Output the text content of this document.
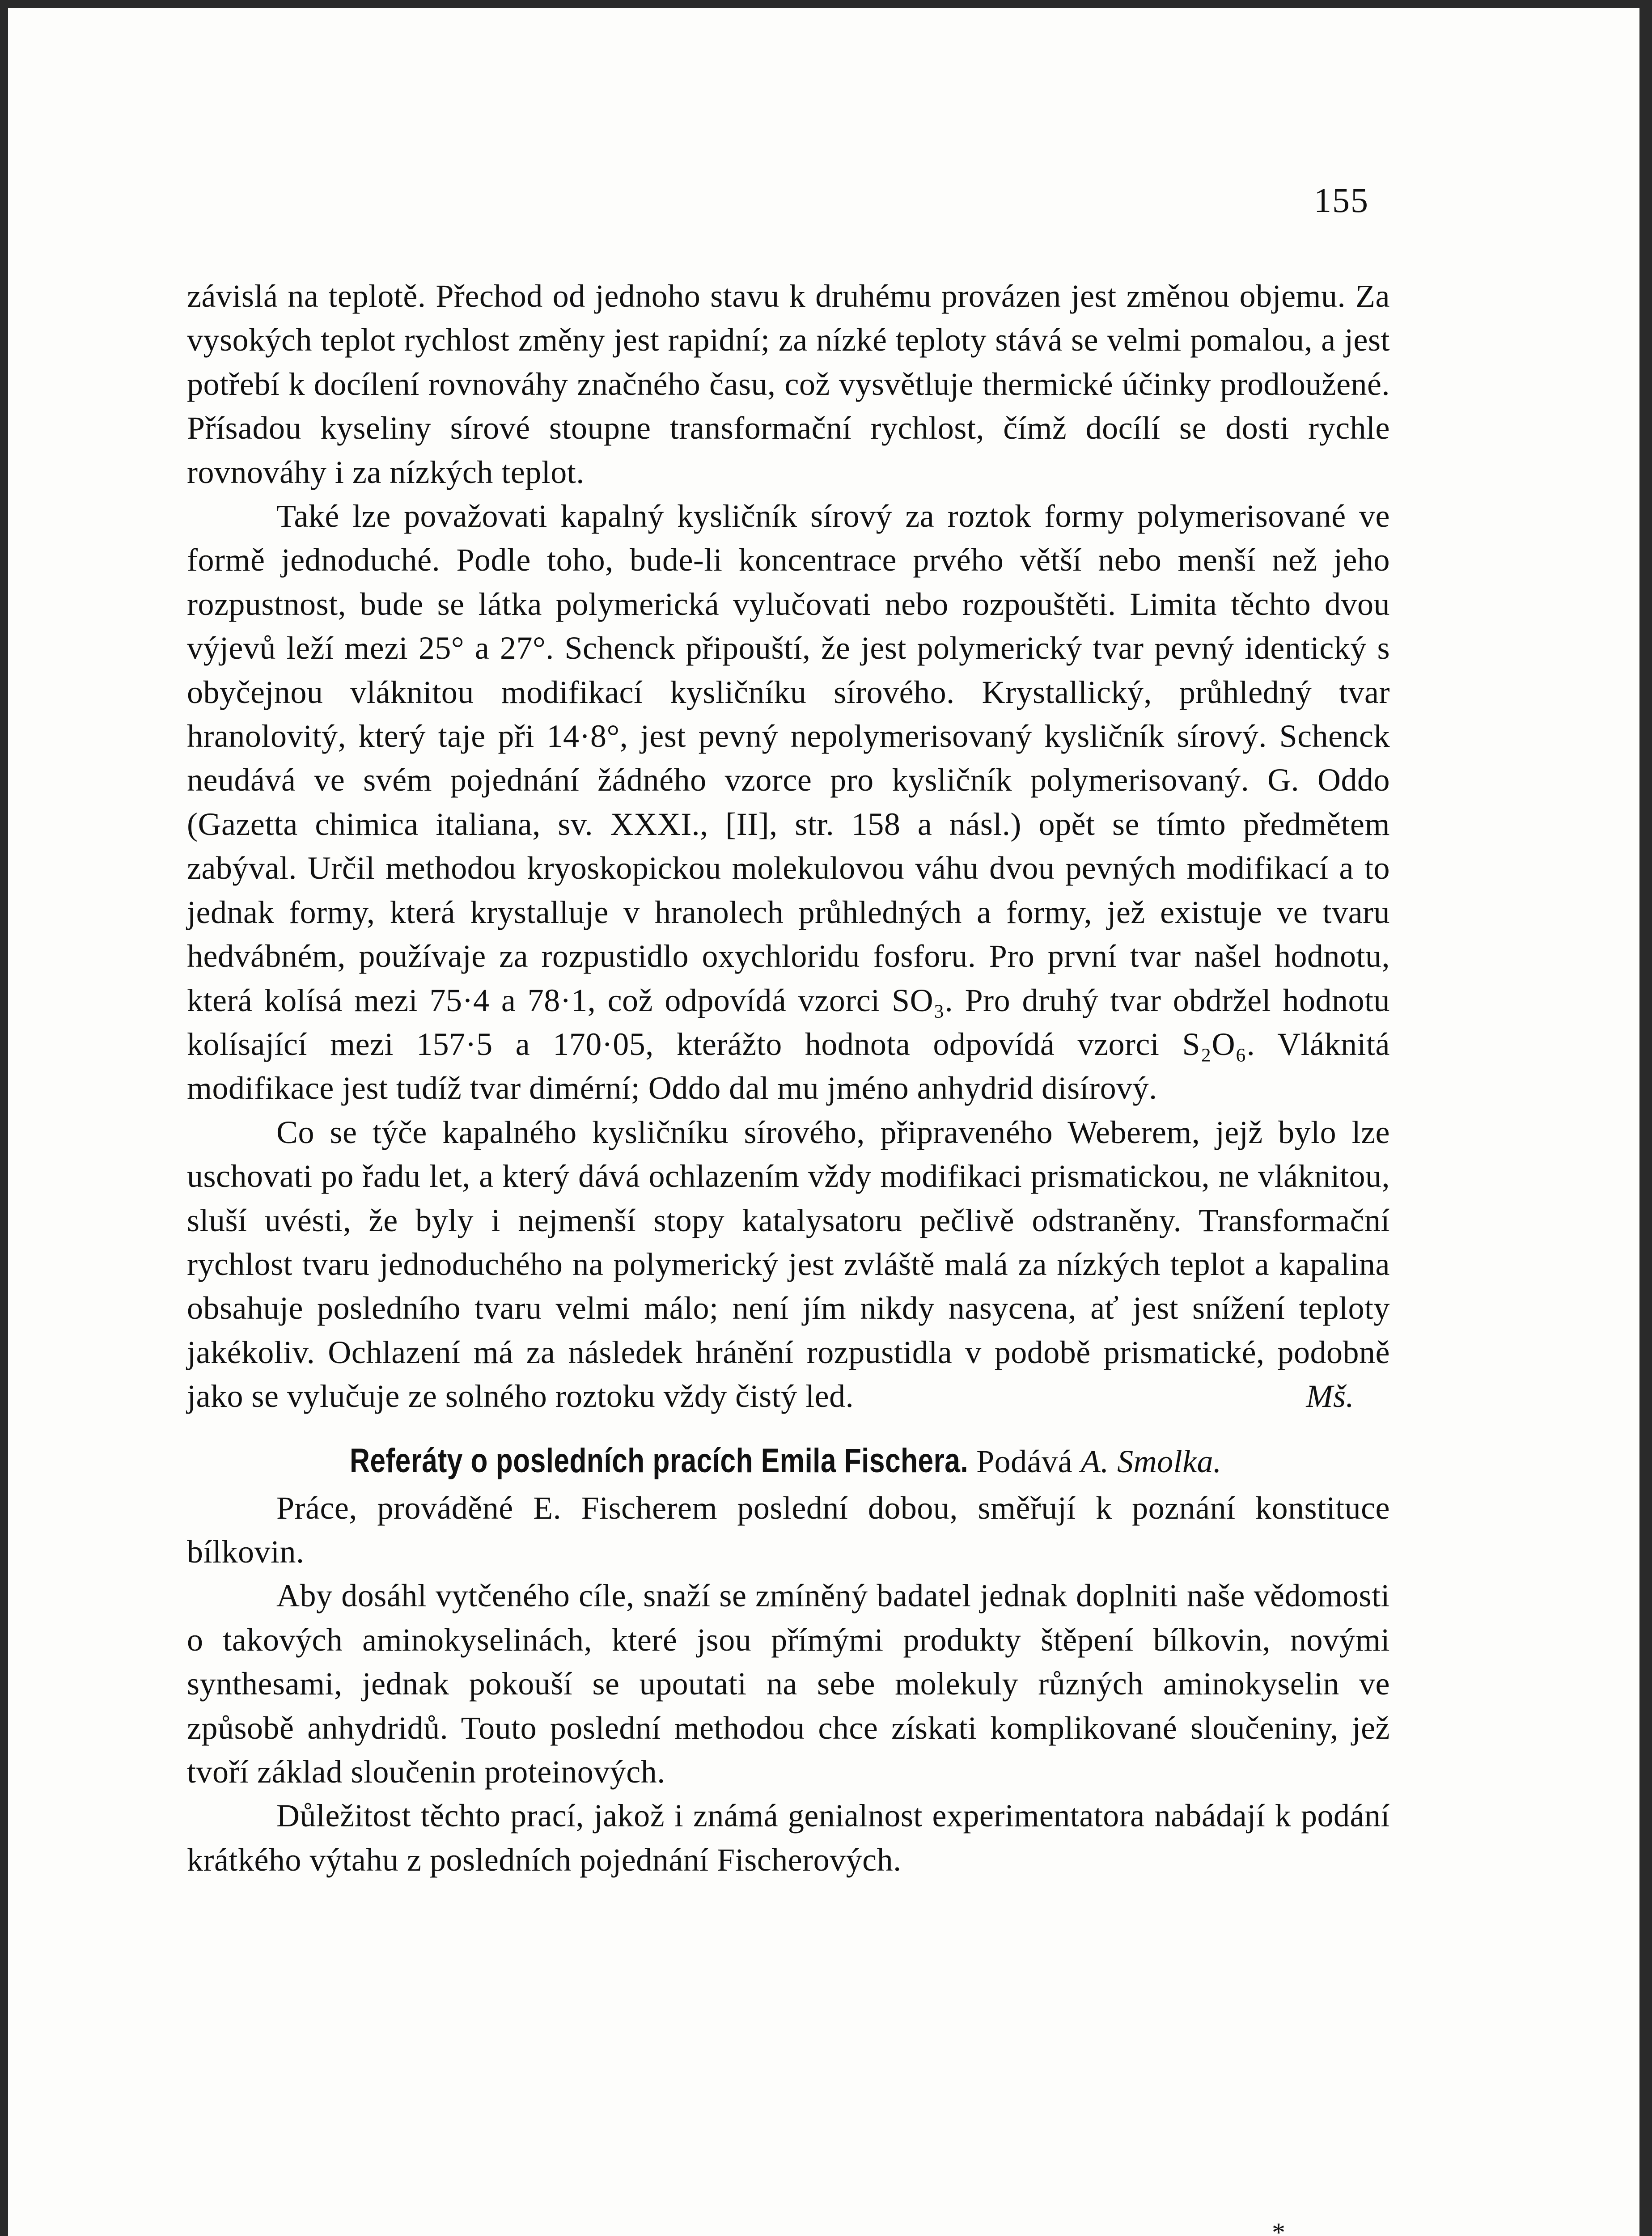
155

závislá na teplotě. Přechod od jednoho stavu k druhému provázen jest změnou objemu. Za vysokých teplot rychlost změny jest rapidní; za nízké teploty stává se velmi pomalou, a jest potřebí k docílení rovnováhy značného času, což vysvětluje thermické účinky prodloužené. Přísadou kyseliny sírové stoupne transformační rychlost, čímž docílí se dosti rychle rovnováhy i za nízkých teplot.

Také lze považovati kapalný kysličník sírový za roztok formy polymerisované ve formě jednoduché. Podle toho, bude-li koncentrace prvého větší nebo menší než jeho rozpustnost, bude se látka polymerická vylučovati nebo rozpouštěti. Limita těchto dvou výjevů leží mezi 25° a 27°. Schenck připouští, že jest polymerický tvar pevný identický s obyčejnou vláknitou modifikací kysličníku sírového. Krystallický, průhledný tvar hranolovitý, který taje při 14·8°, jest pevný nepolymerisovaný kysličník sírový. Schenck neudává ve svém pojednání žádného vzorce pro kysličník polymerisovaný. G. Oddo (Gazetta chimica italiana, sv. XXXI., [II], str. 158 a násl.) opět se tímto předmětem zabýval. Určil methodou kryoskopickou molekulovou váhu dvou pevných modifikací a to jednak formy, která krystalluje v hranolech průhledných a formy, jež existuje ve tvaru hedvábném, používaje za rozpustidlo oxychloridu fosforu. Pro první tvar našel hodnotu, která kolísá mezi 75·4 a 78·1, což odpovídá vzorci SO₃. Pro druhý tvar obdržel hodnotu kolísající mezi 157·5 a 170·05, kterážto hodnota odpovídá vzorci S₂O₆. Vláknitá modifikace jest tudíž tvar dimérní; Oddo dal mu jméno anhydrid disírový.

Co se týče kapalného kysličníku sírového, připraveného Weberem, jejž bylo lze uschovati po řadu let, a který dává ochlazením vždy modifikaci prismatickou, ne vláknitou, sluší uvésti, že byly i nejmenší stopy katalysatoru pečlivě odstraněny. Transformační rychlost tvaru jednoduchého na polymerický jest zvláště malá za nízkých teplot a kapalina obsahuje posledního tvaru velmi málo; není jím nikdy nasycena, ať jest snížení teploty jakékoliv. Ochlazení má za následek hránění rozpustidla v podobě prismatické, podobně jako se vylučuje ze solného roztoku vždy čistý led.	Mš.

Referáty o posledních pracích Emila Fischera. Podává A. Smolka.

Práce, prováděné E. Fischerem poslední dobou, směřují k poznání konstituce bílkovin.

Aby dosáhl vytčeného cíle, snaží se zmíněný badatel jednak doplniti naše vědomosti o takových aminokyselinách, které jsou přímými produkty štěpení bílkovin, novými synthesami, jednak pokouší se upoutati na sebe molekuly různých aminokyselin ve způsobě anhydridů. Touto poslední methodou chce získati komplikované sloučeniny, jež tvoří základ sloučenin proteinových.

Důležitost těchto prací, jakož i známá genialnost experimentatora nabádají k podání krátkého výtahu z posledních pojednání Fischerových.

*
